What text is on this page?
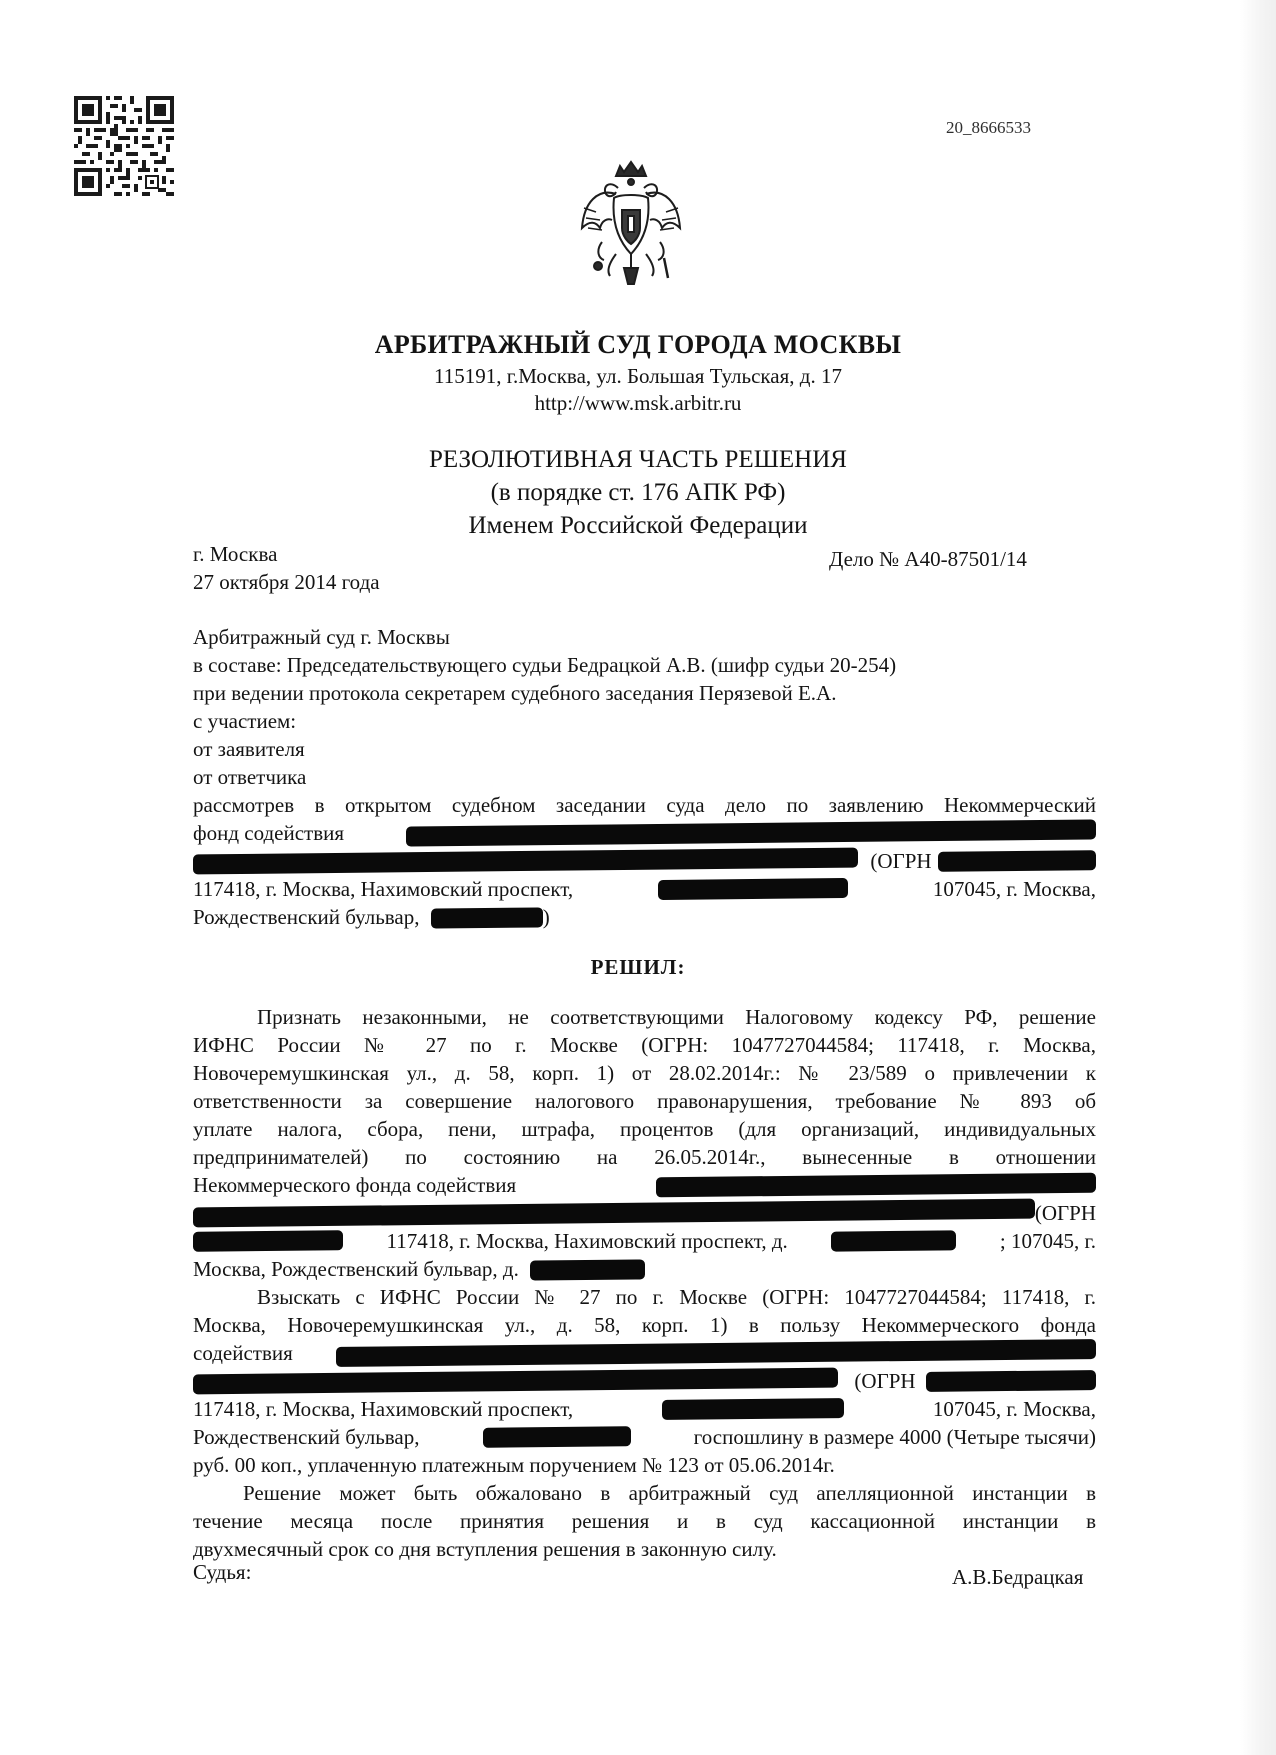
20_8666533
АРБИТРАЖНЫЙ СУД ГОРОДА МОСКВЫ
115191, г.Москва, ул. Большая Тульская, д. 17
http://www.msk.arbitr.ru
РЕЗОЛЮТИВНАЯ ЧАСТЬ РЕШЕНИЯ
(в порядке ст. 176 АПК РФ)
Именем Российской Федерации
г. Москва
27 октября 2014 года
Дело № А40-87501/14
Арбитражный суд г. Москвы
в составе: Председательствующего судьи Бедрацкой А.В. (шифр судьи 20-254)
при ведении протокола секретарем судебного заседания Перязевой Е.А.
с участием:
от заявителя
от ответчика
рассмотрев в открытом судебном заседании суда дело по заявлению Некоммерческий
фонд содействия
(ОГРН
117418, г. Москва, Нахимовский проспект,	107045, г. Москва,
Рождественский бульвар,	)
РЕШИЛ:
Признать незаконными, не соответствующими Налоговому кодексу РФ, решение
ИФНС России № 27 по г. Москве (ОГРН: 1047727044584; 117418, г. Москва,
Новочеремушкинская ул., д. 58, корп. 1) от 28.02.2014г.: № 23/589 о привлечении к
ответственности за совершение налогового правонарушения, требование № 893 об
уплате налога, сбора, пени, штрафа, процентов (для организаций, индивидуальных
предпринимателей) по состоянию на 26.05.2014г., вынесенные в отношении
Некоммерческого фонда содействия
(ОГРН
117418, г. Москва, Нахимовский проспект, д.	; 107045, г.
Москва, Рождественский бульвар, д.
Взыскать с ИФНС России № 27 по г. Москве (ОГРН: 1047727044584; 117418, г.
Москва, Новочеремушкинская ул., д. 58, корп. 1) в пользу Некоммерческого фонда
содействия
(ОГРН
117418, г. Москва, Нахимовский проспект,	107045, г. Москва,
Рождественский бульвар,	госпошлину в размере 4000 (Четыре тысячи)
руб. 00 коп., уплаченную платежным поручением № 123 от 05.06.2014г.
Решение может быть обжаловано в арбитражный суд апелляционной инстанции в
течение месяца после принятия решения и в суд кассационной инстанции в
двухмесячный срок со дня вступления решения в законную силу.
Судья:	А.В.Бедрацкая
